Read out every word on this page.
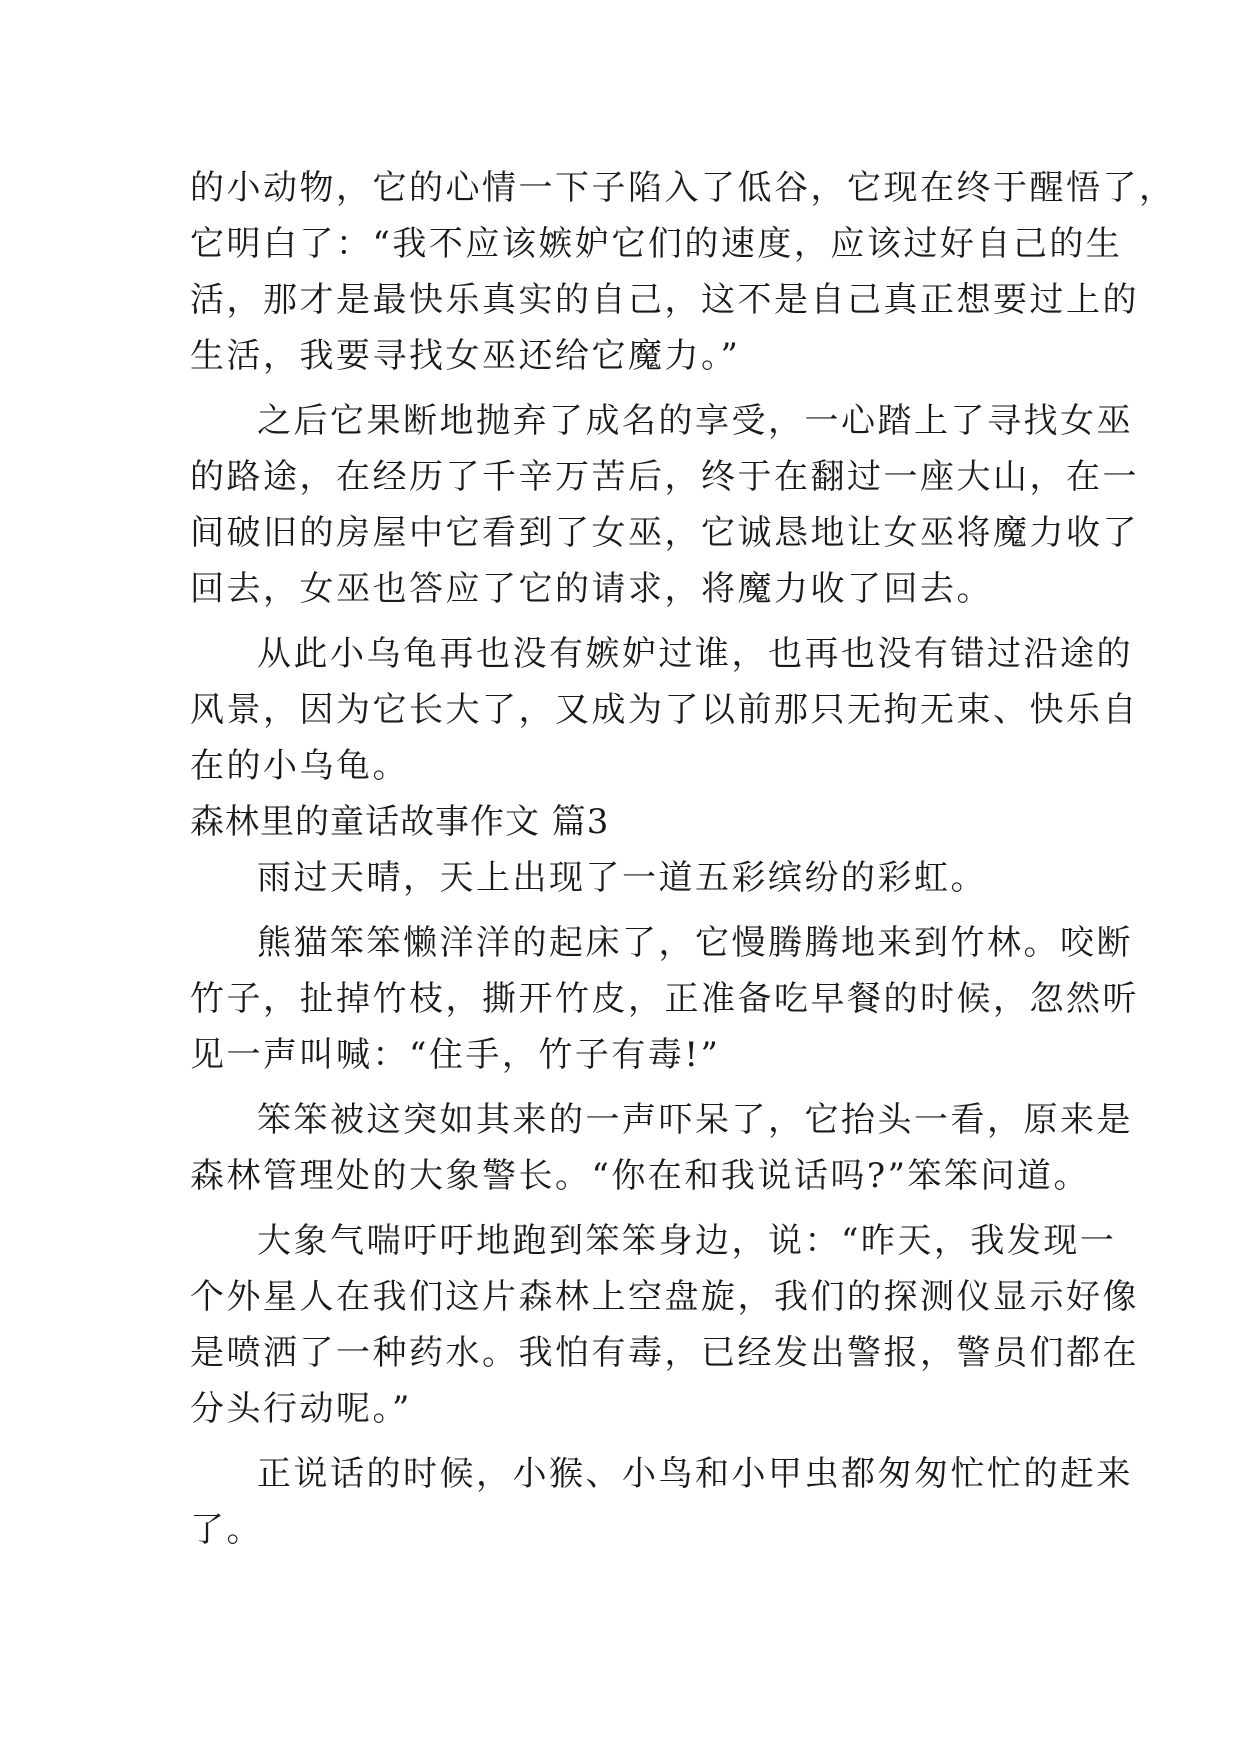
的小动物，它的心情一下子陷入了低谷，它现在终于醒悟了，
它明白了：“我不应该嫉妒它们的速度，应该过好自己的生
活，那才是最快乐真实的自己，这不是自己真正想要过上的
生活，我要寻找女巫还给它魔力。”
之后它果断地抛弃了成名的享受，一心踏上了寻找女巫
的路途，在经历了千辛万苦后，终于在翻过一座大山，在一
间破旧的房屋中它看到了女巫，它诚恳地让女巫将魔力收了
回去，女巫也答应了它的请求，将魔力收了回去。
从此小乌龟再也没有嫉妒过谁，也再也没有错过沿途的
风景，因为它长大了，又成为了以前那只无拘无束、快乐自
在的小乌龟。
森林里的童话故事作文 篇3
雨过天晴，天上出现了一道五彩缤纷的彩虹。
熊猫笨笨懒洋洋的起床了，它慢腾腾地来到竹林。咬断
竹子，扯掉竹枝，撕开竹皮，正准备吃早餐的时候，忽然听
见一声叫喊：“住手，竹子有毒!”
笨笨被这突如其来的一声吓呆了，它抬头一看，原来是
森林管理处的大象警长。“你在和我说话吗?”笨笨问道。
大象气喘吁吁地跑到笨笨身边，说：“昨天，我发现一
个外星人在我们这片森林上空盘旋，我们的探测仪显示好像
是喷洒了一种药水。我怕有毒，已经发出警报，警员们都在
分头行动呢。”
正说话的时候，小猴、小鸟和小甲虫都匆匆忙忙的赶来
了。
